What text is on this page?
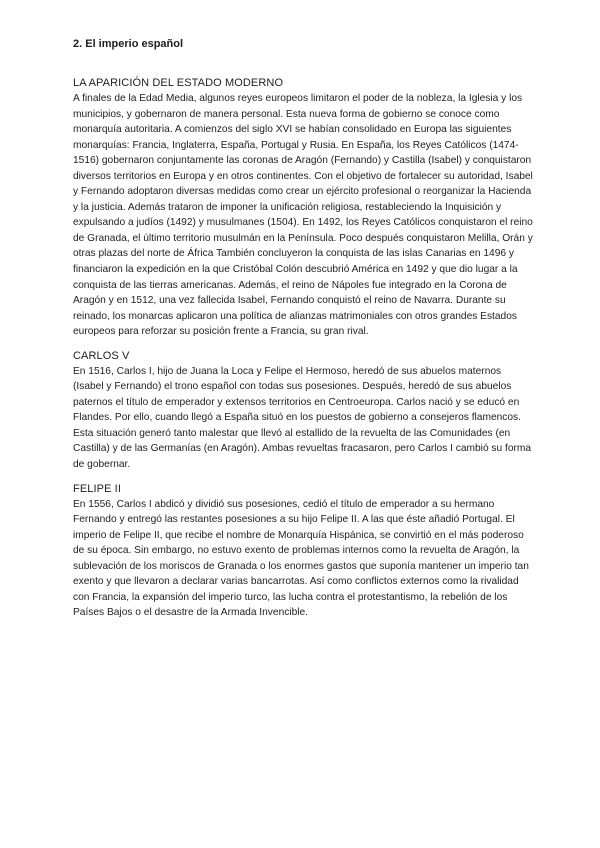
2. El imperio español
LA APARICIÓN DEL ESTADO MODERNO

A finales de la Edad Media, algunos reyes europeos limitaron el poder de la nobleza, la Iglesia y los municipios, y gobernaron de manera personal. Esta nueva forma de gobierno se conoce como monarquía autoritaria. A comienzos del siglo XVI se habían consolidado en Europa las siguientes monarquías: Francia, Inglaterra, España, Portugal y Rusia. En España, los Reyes Católicos (1474-1516) gobernaron conjuntamente las coronas de Aragón (Fernando) y Castilla (Isabel) y conquistaron diversos territorios en Europa y en otros continentes. Con el objetivo de fortalecer su autoridad, Isabel y Fernando adoptaron diversas medidas como crear un ejército profesional o reorganizar la Hacienda y la justicia. Además trataron de imponer la unificación religiosa, restableciendo la Inquisición y expulsando a judíos (1492) y musulmanes (1504). En 1492, los Reyes Católicos conquistaron el reino de Granada, el último territorio musulmán en la Península. Poco después conquistaron Melilla, Orán y otras plazas del norte de África También concluyeron la conquista de las islas Canarias en 1496 y financiaron la expedición en la que Cristóbal Colón descubrió América en 1492 y que dio lugar a la conquista de las tierras americanas. Además, el reino de Nápoles fue integrado en la Corona de Aragón y en 1512, una vez fallecida Isabel, Fernando conquistó el reino de Navarra. Durante su reinado, los monarcas aplicaron una política de alianzas matrimoniales con otros grandes Estados europeos para reforzar su posición frente a Francia, su gran rival.

CARLOS V

En 1516, Carlos I, hijo de Juana la Loca y Felipe el Hermoso, heredó de sus abuelos maternos (Isabel y Fernando) el trono español con todas sus posesiones. Después, heredó de sus abuelos paternos el título de emperador y extensos territorios en Centroeuropa. Carlos nació y se educó en Flandes. Por ello, cuando llegó a España situó en los puestos de gobierno a consejeros flamencos. Esta situación generó tanto malestar que llevó al estallido de la revuelta de las Comunidades (en Castilla) y de las Germanías (en Aragón). Ambas revueltas fracasaron, pero Carlos I cambió su forma de gobernar.

FELIPE II

En 1556, Carlos I abdicó y dividió sus posesiones, cedió el título de emperador a su hermano Fernando y entregó las restantes posesiones a su hijo Felipe II. A las que éste añadió Portugal. El imperio de Felipe II, que recibe el nombre de Monarquía Hispánica, se convirtió en el más poderoso de su época. Sin embargo, no estuvo exento de problemas internos como la revuelta de Aragón, la sublevación de los moriscos de Granada o los enormes gastos que suponía mantener un imperio tan exento y que llevaron a declarar varias bancarrotas. Así como conflictos externos como la rivalidad con Francia, la expansión del imperio turco, las lucha contra el protestantismo, la rebelión de los Países Bajos o el desastre de la Armada Invencible.
